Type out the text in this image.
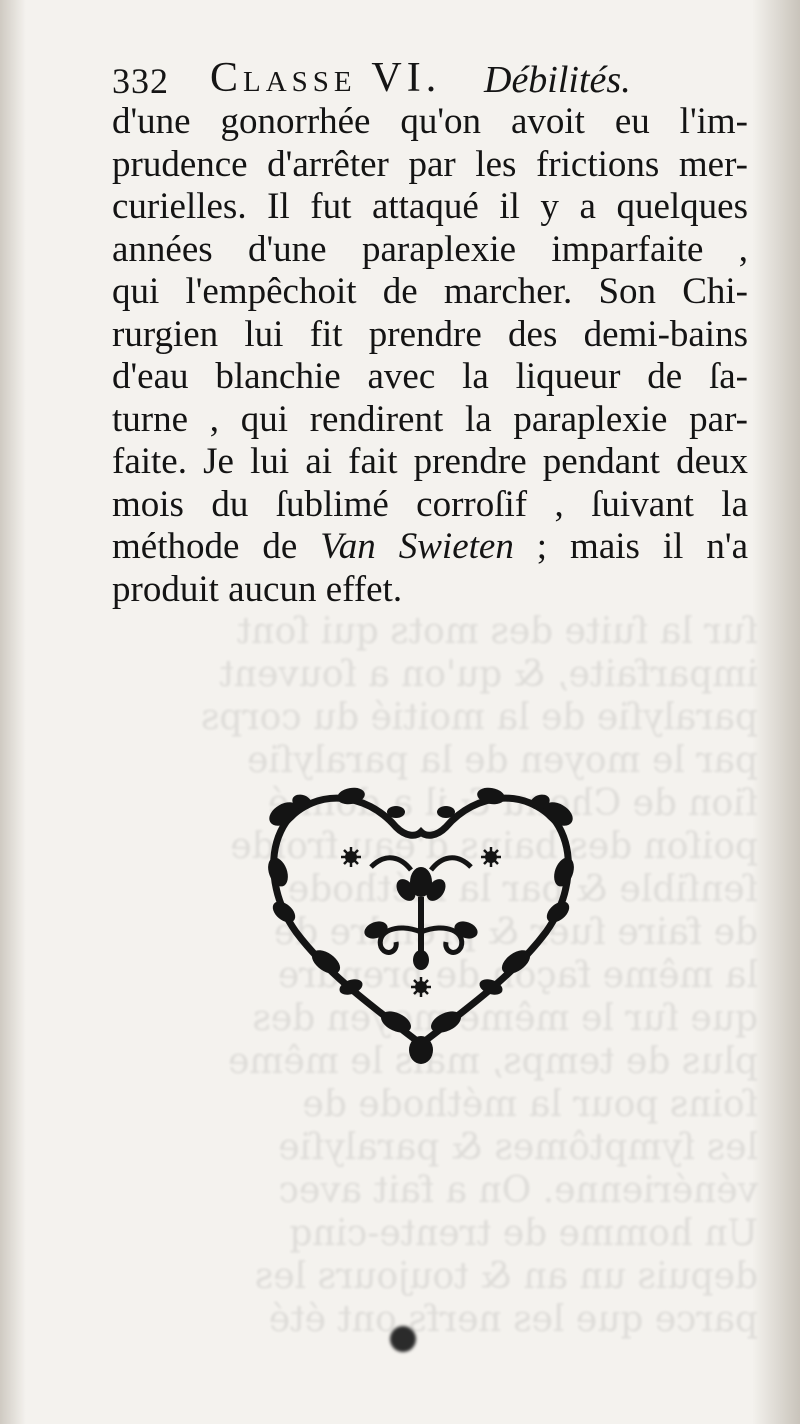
ſur la ſuite des mots qui ſont
imparfaite, & qu'on a ſouvent
paralyſie de la moitié du corps
par le moyen de la paralyſie
ſion de Chenu & il a donné
poiſon des bains d'eau froide
ſenſible & par la méthode
de faire ſuer & prendre de
la même façon de prendre
que ſur le même moyen des
plus de temps, mais le même
ſoins pour la méthode de
les ſymptômes & paralyſie
vénérienne. On a fait avec
Un homme de trente-cinq
depuis un an & toujours les
parce que les nerfs ont été
332 Classe VI. Débilités.
d'une gonorrhée qu'on avoit eu l'im-
prudence d'arrêter par les frictions mer-
curielles. Il fut attaqué il y a quelques
années d'une paraplexie imparfaite ,
qui l'empêchoit de marcher. Son Chi-
rurgien lui fit prendre des demi-bains
d'eau blanchie avec la liqueur de ſa-
turne , qui rendirent la paraplexie par-
faite. Je lui ai fait prendre pendant deux
mois du ſublimé corroſif , ſuivant la
méthode de Van Swieten ; mais il n'a
produit aucun effet.
